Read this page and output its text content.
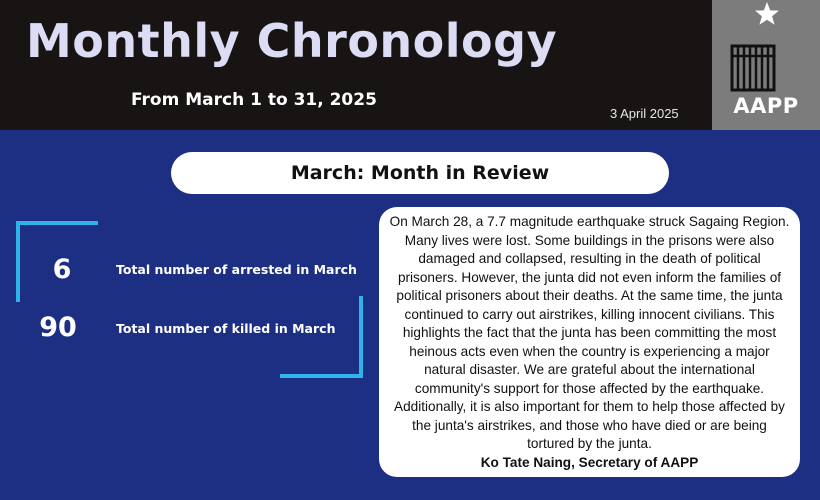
Monthly Chronology
From March 1 to 31, 2025
3 April 2025	AAPP
March: Month in Review
6	Total number of arrested in March
90	Total number of killed in March
On March 28, a 7.7 magnitude earthquake struck Sagaing Region. Many lives were lost. Some buildings in the prisons were also damaged and collapsed, resulting in the death of political prisoners. However, the junta did not even inform the families of political prisoners about their deaths. At the same time, the junta continued to carry out airstrikes, killing innocent civilians. This highlights the fact that the junta has been committing the most heinous acts even when the country is experiencing a major natural disaster. We are grateful about the international community's support for those affected by the earthquake. Additionally, it is also important for them to help those affected by the junta's airstrikes, and those who have died or are being tortured by the junta.
Ko Tate Naing, Secretary of AAPP
